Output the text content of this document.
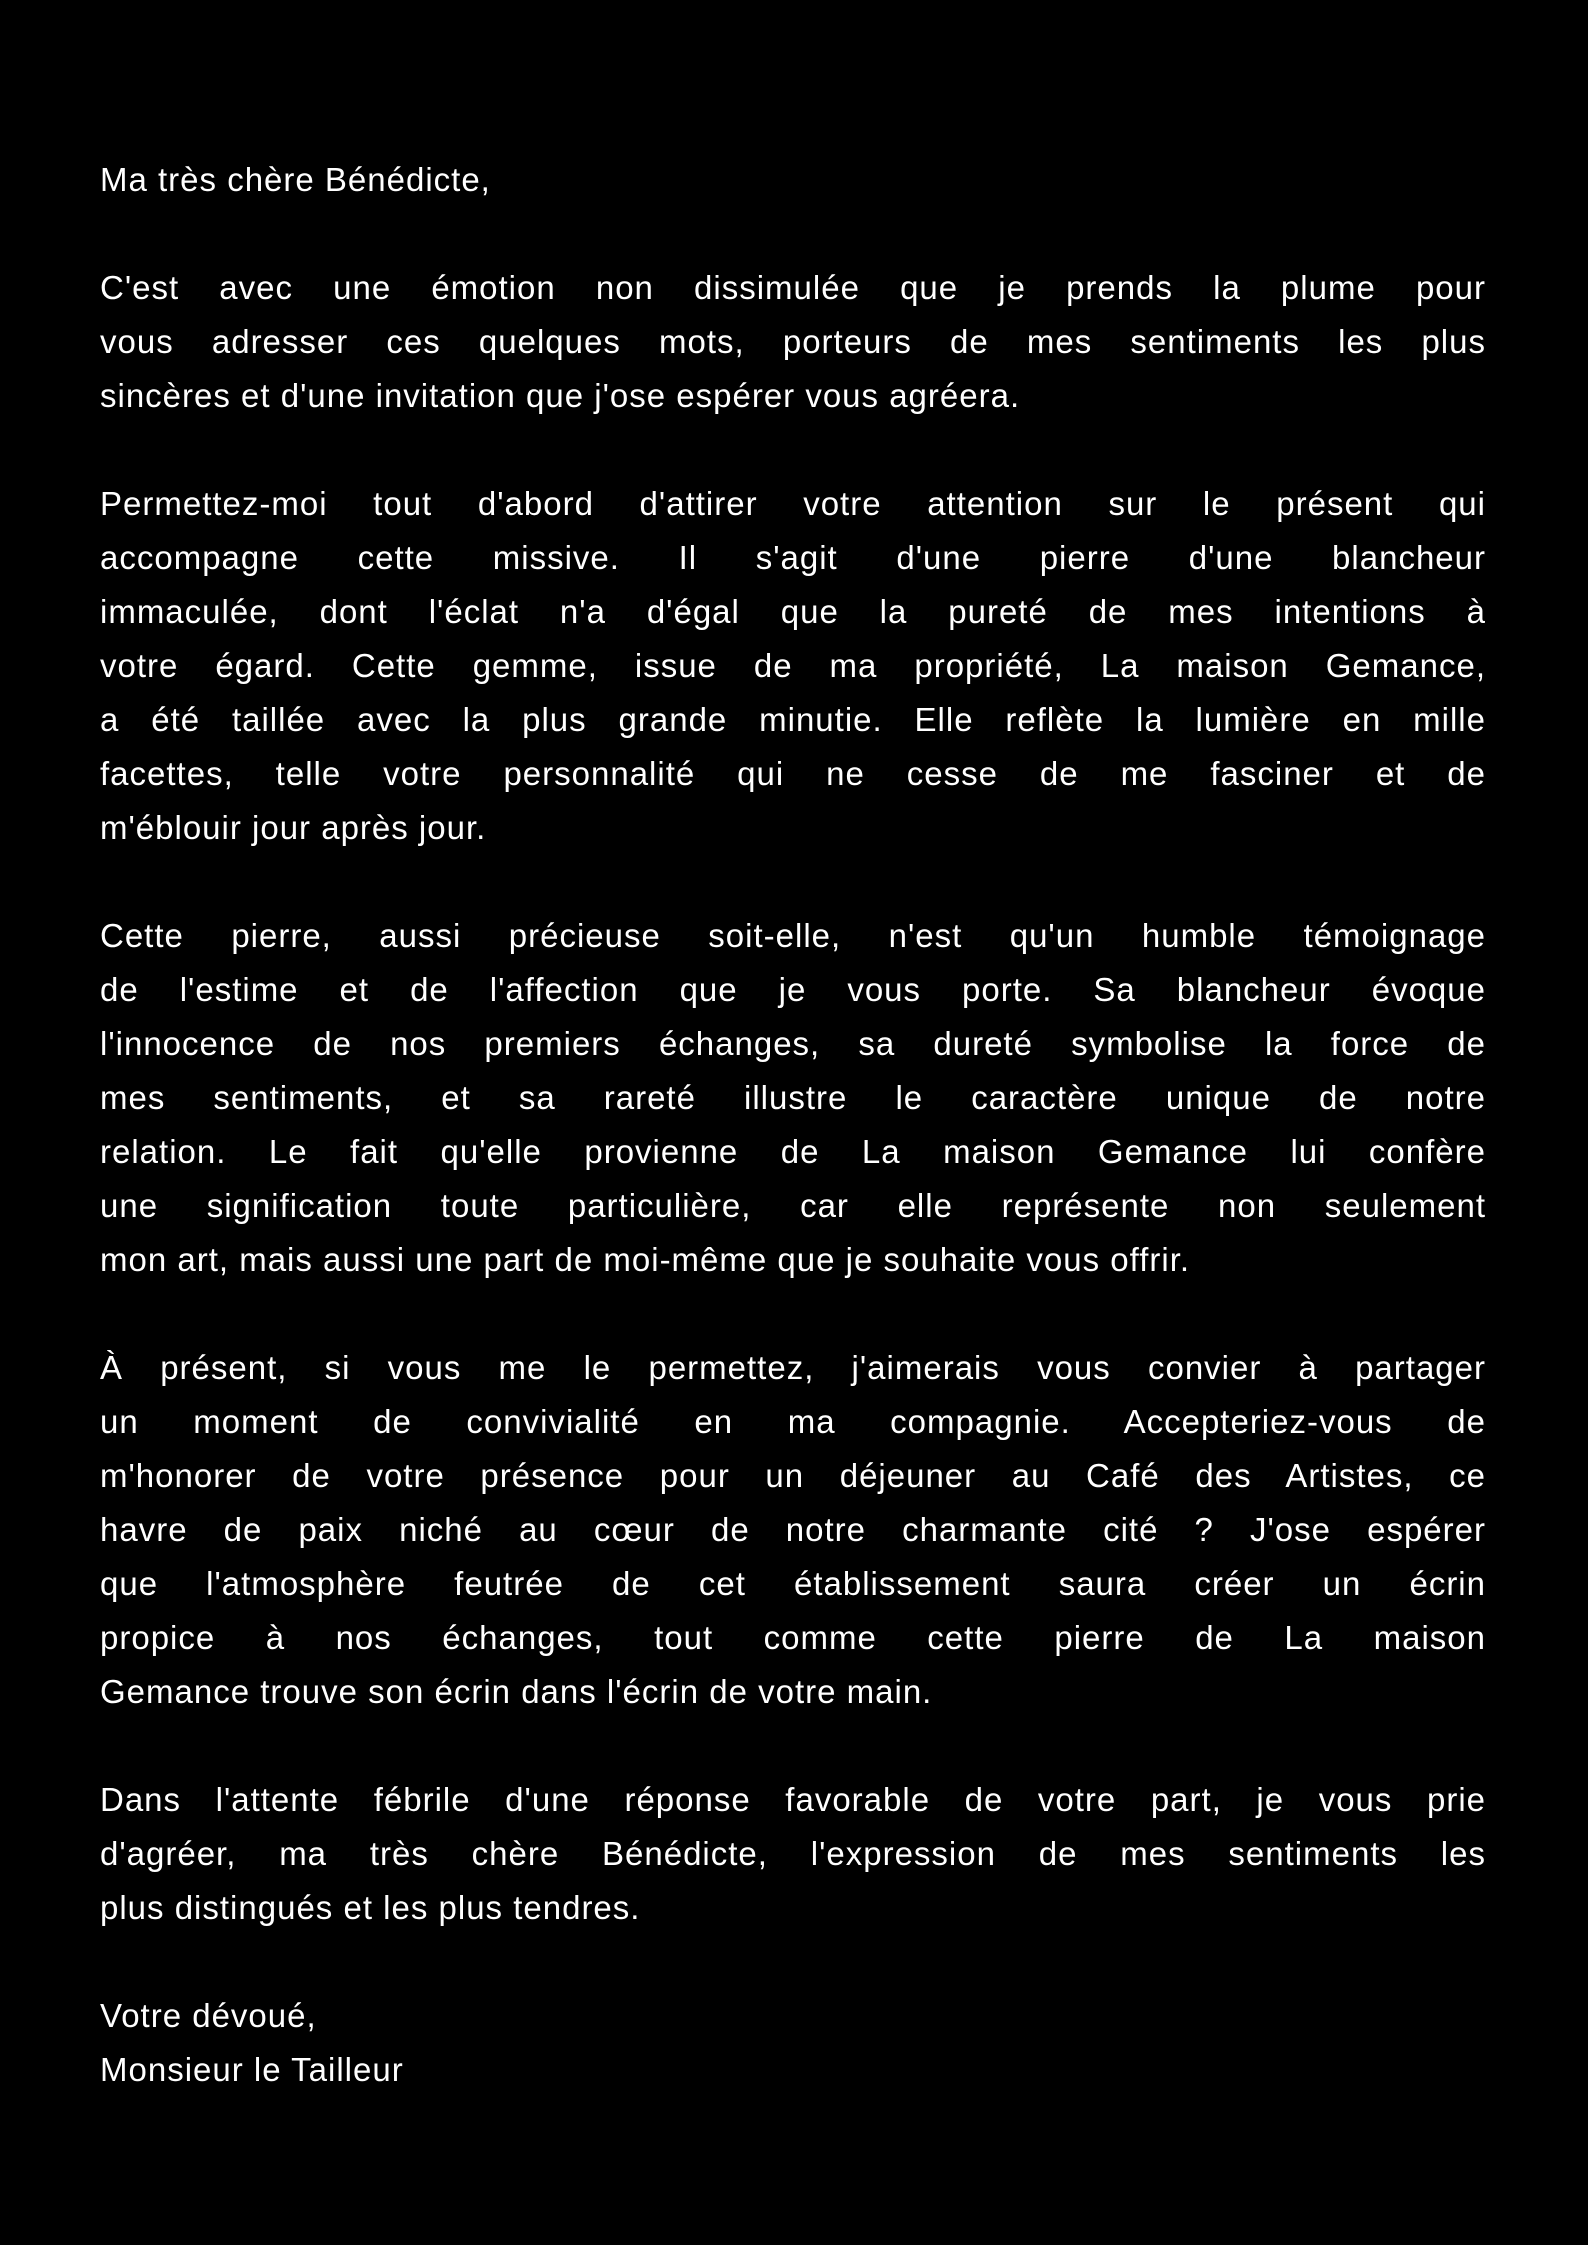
Ma très chère Bénédicte,
C'est avec une émotion non dissimulée que je prends la plume pour
vous adresser ces quelques mots, porteurs de mes sentiments les plus
sincères et d'une invitation que j'ose espérer vous agréera.
Permettez-moi tout d'abord d'attirer votre attention sur le présent qui
accompagne cette missive. Il s'agit d'une pierre d'une blancheur
immaculée, dont l'éclat n'a d'égal que la pureté de mes intentions à
votre égard. Cette gemme, issue de ma propriété, La maison Gemance,
a été taillée avec la plus grande minutie. Elle reflète la lumière en mille
facettes, telle votre personnalité qui ne cesse de me fasciner et de
m'éblouir jour après jour.
Cette pierre, aussi précieuse soit-elle, n'est qu'un humble témoignage
de l'estime et de l'affection que je vous porte. Sa blancheur évoque
l'innocence de nos premiers échanges, sa dureté symbolise la force de
mes sentiments, et sa rareté illustre le caractère unique de notre
relation. Le fait qu'elle provienne de La maison Gemance lui confère
une signification toute particulière, car elle représente non seulement
mon art, mais aussi une part de moi-même que je souhaite vous offrir.
À présent, si vous me le permettez, j'aimerais vous convier à partager
un moment de convivialité en ma compagnie. Accepteriez-vous de
m'honorer de votre présence pour un déjeuner au Café des Artistes, ce
havre de paix niché au cœur de notre charmante cité ? J'ose espérer
que l'atmosphère feutrée de cet établissement saura créer un écrin
propice à nos échanges, tout comme cette pierre de La maison
Gemance trouve son écrin dans l'écrin de votre main.
Dans l'attente fébrile d'une réponse favorable de votre part, je vous prie
d'agréer, ma très chère Bénédicte, l'expression de mes sentiments les
plus distingués et les plus tendres.
Votre dévoué,
Monsieur le Tailleur
